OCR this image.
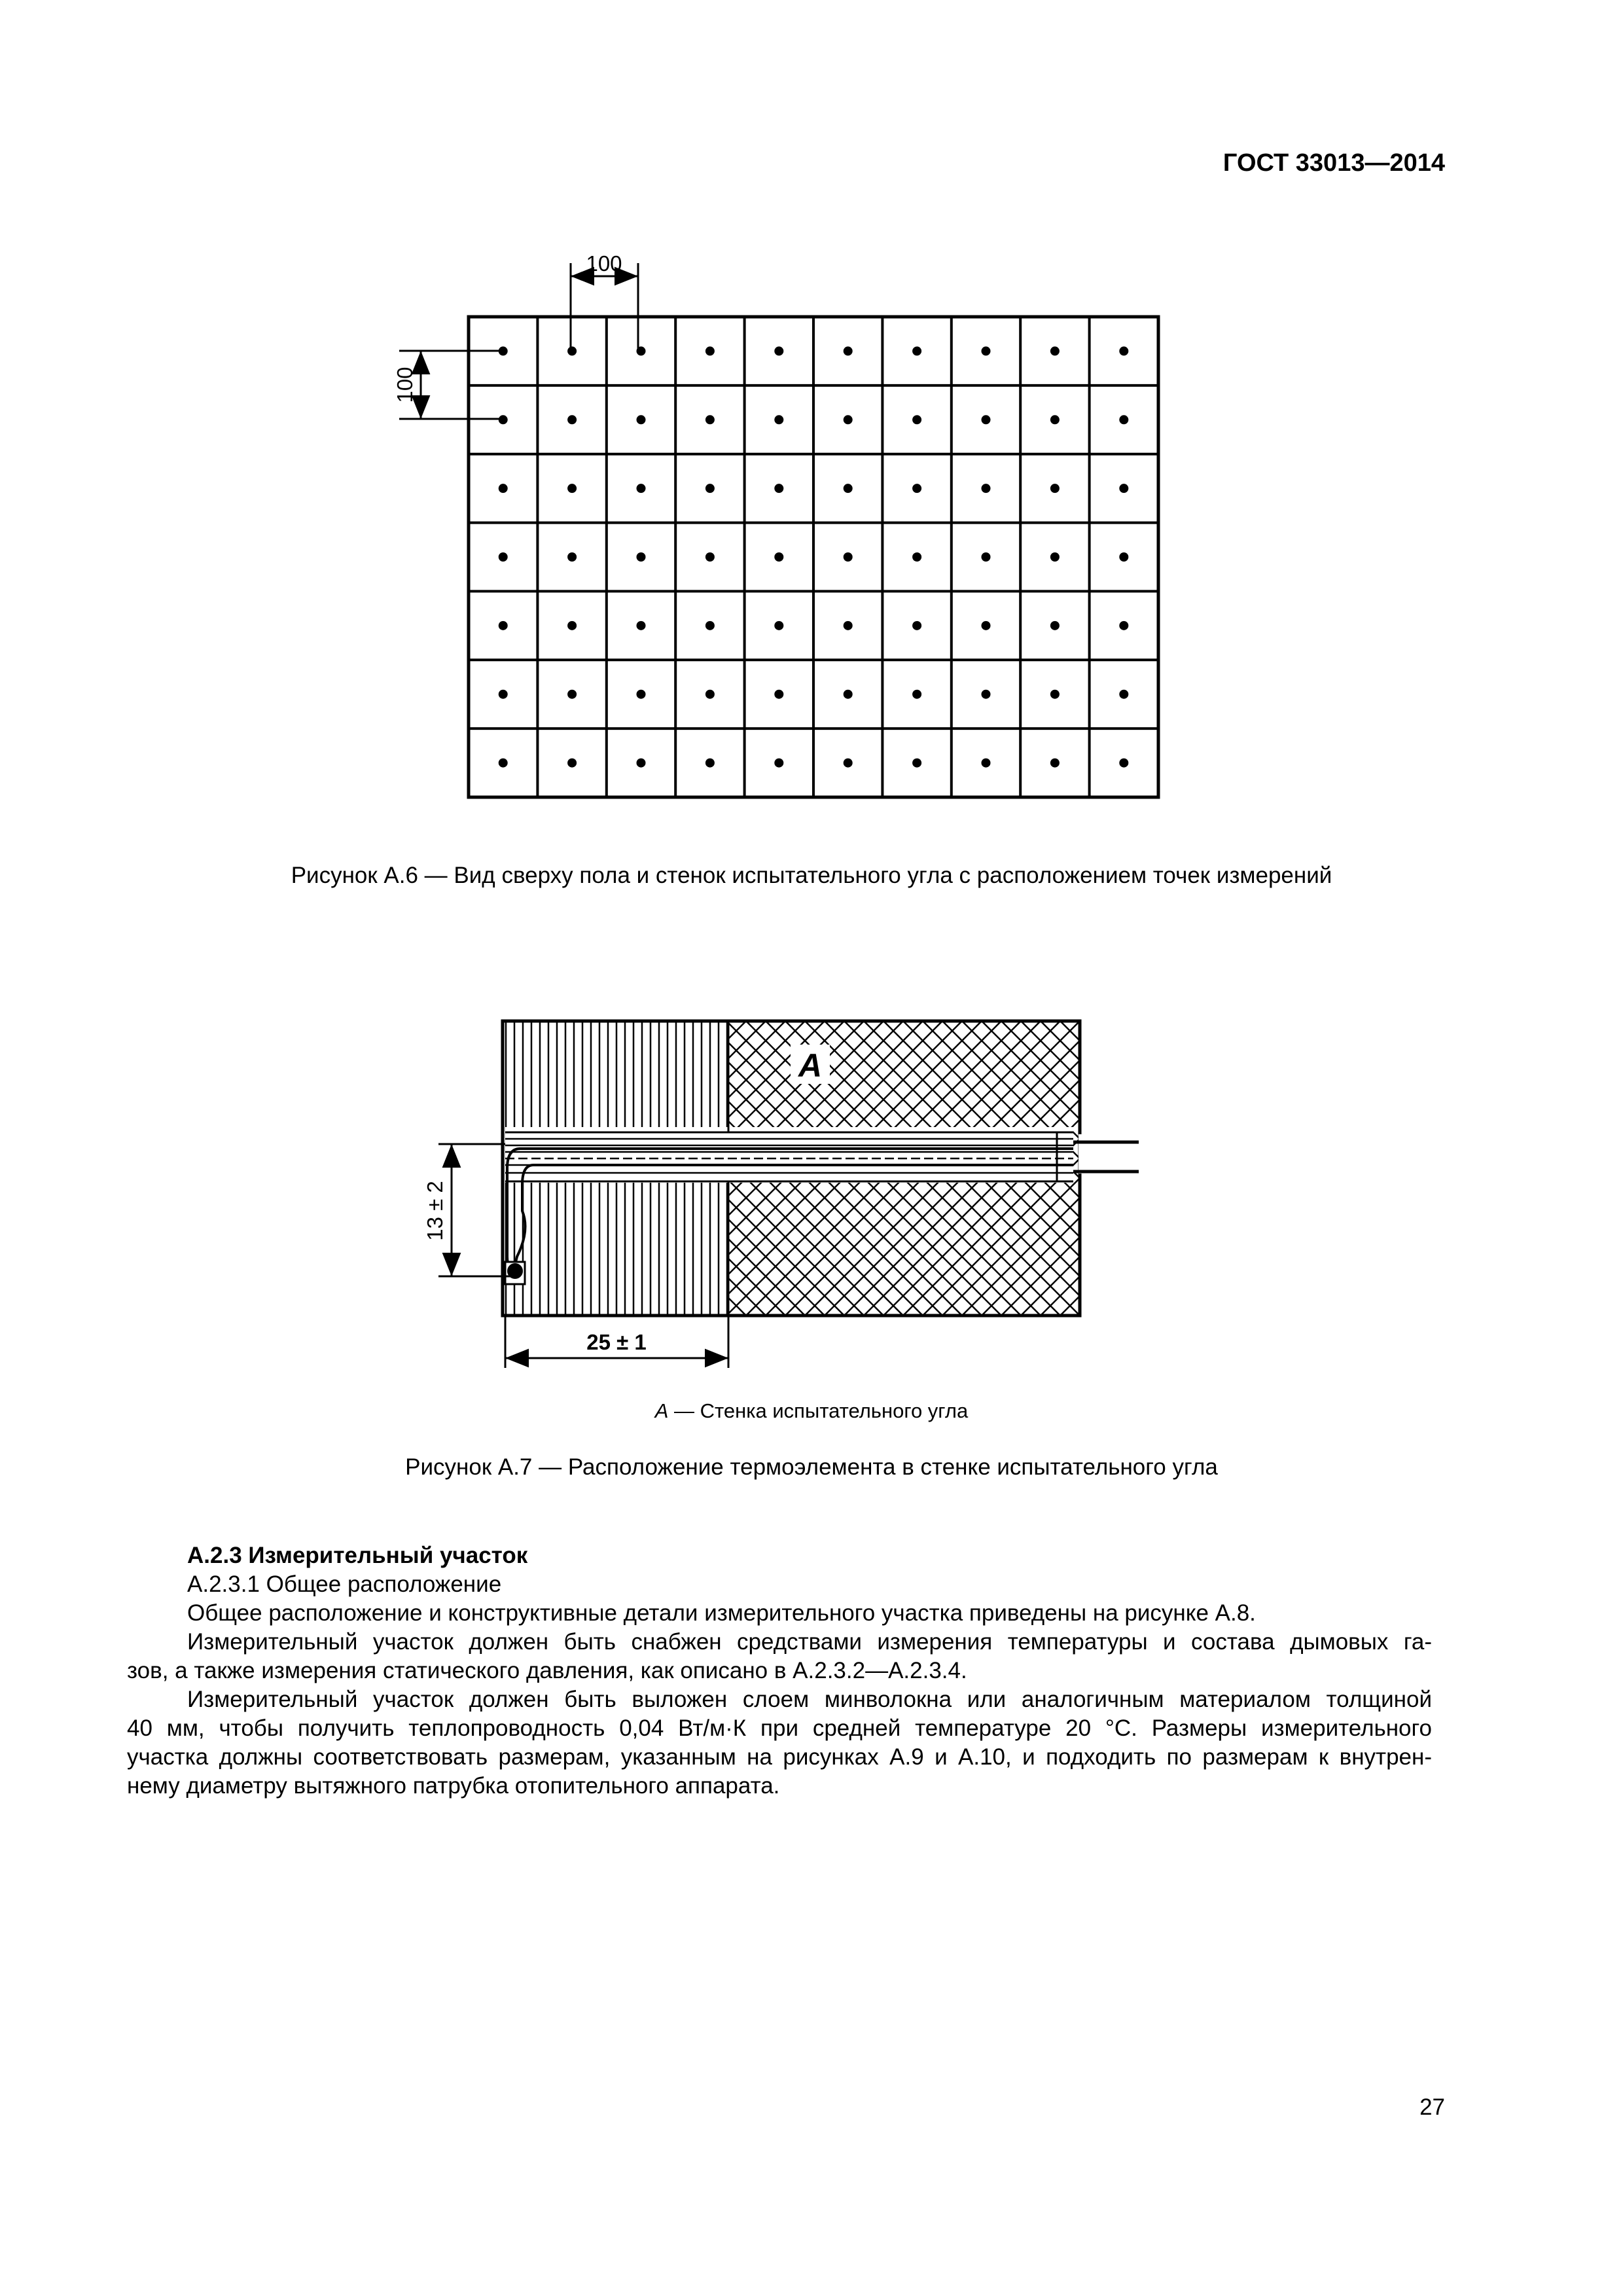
ГОСТ 33013—2014
100
100
Рисунок А.6 — Вид сверху пола и стенок испытательного угла с расположением точек измерений
А
13 ± 2
25 ± 1
А — Стенка испытательного угла
Рисунок А.7 — Расположение термоэлемента в стенке испытательного угла

А.2.3 Измерительный участок

А.2.3.1 Общее расположение

Общее расположение и конструктивные детали измерительного участка приведены на рисунке А.8.

Измерительный участок должен быть снабжен средствами измерения температуры и состава дымовых га-

зов, а также измерения статического давления, как описано в А.2.3.2—А.2.3.4.

Измерительный участок должен быть выложен слоем минволокна или аналогичным материалом толщиной

40 мм, чтобы получить теплопроводность 0,04 Вт/м·К при средней температуре 20 °C. Размеры измерительного

участка должны соответствовать размерам, указанным на рисунках А.9 и А.10, и подходить по размерам к внутрен-

нему диаметру вытяжного патрубка отопительного аппарата.

27
